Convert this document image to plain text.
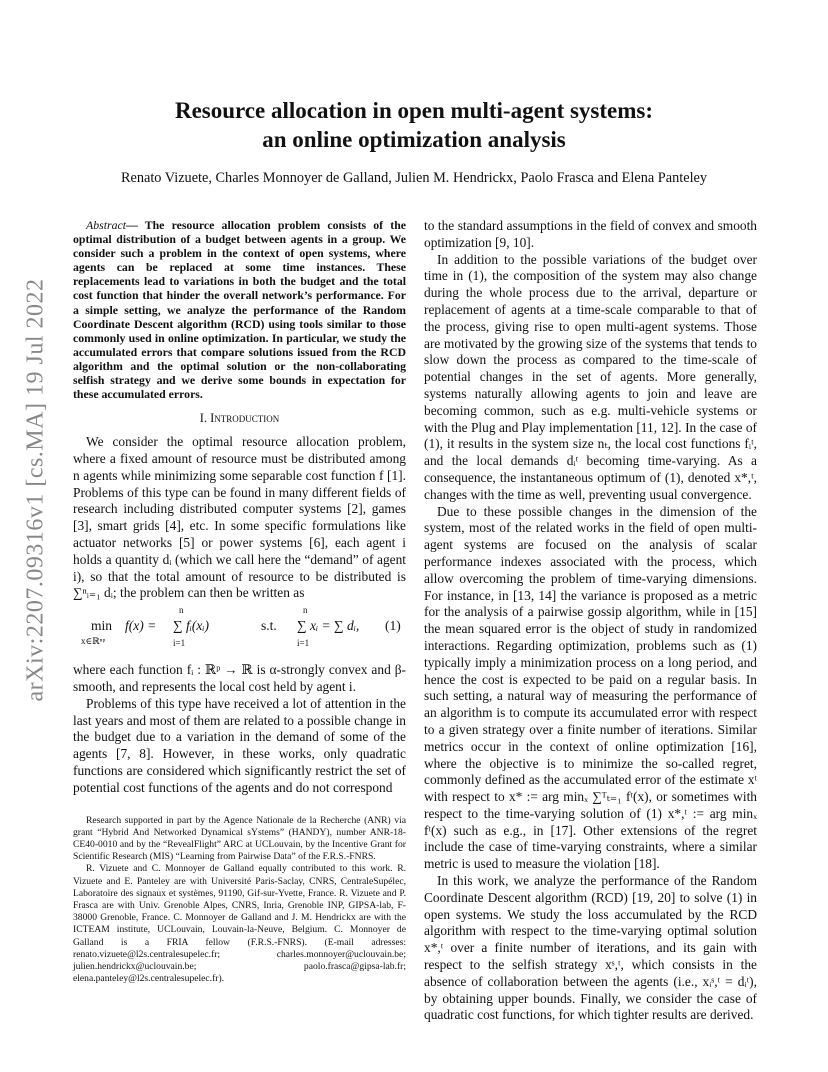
arXiv:2207.09316v1 [cs.MA] 19 Jul 2022
Resource allocation in open multi-agent systems:
an online optimization analysis
Renato Vizuete, Charles Monnoyer de Galland, Julien M. Hendrickx, Paolo Frasca and Elena Panteley

Abstract— The resource allocation problem consists of the optimal distribution of a budget between agents in a group. We consider such a problem in the context of open systems, where agents can be replaced at some time instances. These replacements lead to variations in both the budget and the total cost function that hinder the overall network’s performance. For a simple setting, we analyze the performance of the Random Coordinate Descent algorithm (RCD) using tools similar to those commonly used in online optimization. In particular, we study the accumulated errors that compare solutions issued from the RCD algorithm and the optimal solution or the non-collaborating selfish strategy and we derive some bounds in expectation for these accumulated errors.

I. Introduction

We consider the optimal resource allocation problem, where a fixed amount of resource must be distributed among n agents while minimizing some separable cost function f [1]. Problems of this type can be found in many different fields of research including distributed computer systems [2], games [3], smart grids [4], etc. In some specific formulations like actuator networks [5] or power systems [6], each agent i holds a quantity dᵢ (which we call here the “demand” of agent i), so that the total amount of resource to be distributed is ∑ⁿᵢ₌₁ dᵢ; the problem can then be written as

min
x∈ℝⁿᵖ
f(x) =
n
∑ fᵢ(xᵢ)
i=1
s.t.
n
∑ xᵢ = ∑ dᵢ,
i=1
(1)

where each function fᵢ : ℝᵖ → ℝ is α-strongly convex and β-smooth, and represents the local cost held by agent i.

Problems of this type have received a lot of attention in the last years and most of them are related to a possible change in the budget due to a variation in the demand of some of the agents [7, 8]. However, in these works, only quadratic functions are considered which significantly restrict the set of potential cost functions of the agents and do not correspond

Research supported in part by the Agence Nationale de la Recherche (ANR) via grant “Hybrid And Networked Dynamical sYstems” (HANDY), number ANR-18-CE40-0010 and by the “RevealFlight” ARC at UCLouvain, by the Incentive Grant for Scientific Research (MIS) “Learning from Pairwise Data” of the F.R.S.-FNRS.

R. Vizuete and C. Monnoyer de Galland equally contributed to this work. R. Vizuete and E. Panteley are with Université Paris-Saclay, CNRS, CentraleSupélec, Laboratoire des signaux et systèmes, 91190, Gif-sur-Yvette, France. R. Vizuete and P. Frasca are with Univ. Grenoble Alpes, CNRS, Inria, Grenoble INP, GIPSA-lab, F-38000 Grenoble, France. C. Monnoyer de Galland and J. M. Hendrickx are with the ICTEAM institute, UCLouvain, Louvain-la-Neuve, Belgium. C. Monnoyer de Galland is a FRIA fellow (F.R.S.-FNRS). (E-mail adresses: renato.vizuete@l2s.centralesupelec.fr; charles.monnoyer@uclouvain.be; julien.hendrickx@uclouvain.be; paolo.frasca@gipsa-lab.fr; elena.panteley@l2s.centralesupelec.fr).

to the standard assumptions in the field of convex and smooth optimization [9, 10].

In addition to the possible variations of the budget over time in (1), the composition of the system may also change during the whole process due to the arrival, departure or replacement of agents at a time-scale comparable to that of the process, giving rise to open multi-agent systems. Those are motivated by the growing size of the systems that tends to slow down the process as compared to the time-scale of potential changes in the set of agents. More generally, systems naturally allowing agents to join and leave are becoming common, such as e.g. multi-vehicle systems or with the Plug and Play implementation [11, 12]. In the case of (1), it results in the system size nₜ, the local cost functions fᵢᵗ, and the local demands dᵢᵗ becoming time-varying. As a consequence, the instantaneous optimum of (1), denoted x*,ᵗ, changes with the time as well, preventing usual convergence.

Due to these possible changes in the dimension of the system, most of the related works in the field of open multi-agent systems are focused on the analysis of scalar performance indexes associated with the process, which allow overcoming the problem of time-varying dimensions. For instance, in [13, 14] the variance is proposed as a metric for the analysis of a pairwise gossip algorithm, while in [15] the mean squared error is the object of study in randomized interactions. Regarding optimization, problems such as (1) typically imply a minimization process on a long period, and hence the cost is expected to be paid on a regular basis. In such setting, a natural way of measuring the performance of an algorithm is to compute its accumulated error with respect to a given strategy over a finite number of iterations. Similar metrics occur in the context of online optimization [16], where the objective is to minimize the so-called regret, commonly defined as the accumulated error of the estimate xᵗ with respect to x* := arg minₓ ∑ᵀₜ₌₁ fᵗ(x), or sometimes with respect to the time-varying solution of (1) x*,ᵗ := arg minₓ fᵗ(x) such as e.g., in [17]. Other extensions of the regret include the case of time-varying constraints, where a similar metric is used to measure the violation [18].

In this work, we analyze the performance of the Random Coordinate Descent algorithm (RCD) [19, 20] to solve (1) in open systems. We study the loss accumulated by the RCD algorithm with respect to the time-varying optimal solution x*,ᵗ over a finite number of iterations, and its gain with respect to the selfish strategy xˢ,ᵗ, which consists in the absence of collaboration between the agents (i.e., xᵢˢ,ᵗ = dᵢᵗ), by obtaining upper bounds. Finally, we consider the case of quadratic cost functions, for which tighter results are derived.
